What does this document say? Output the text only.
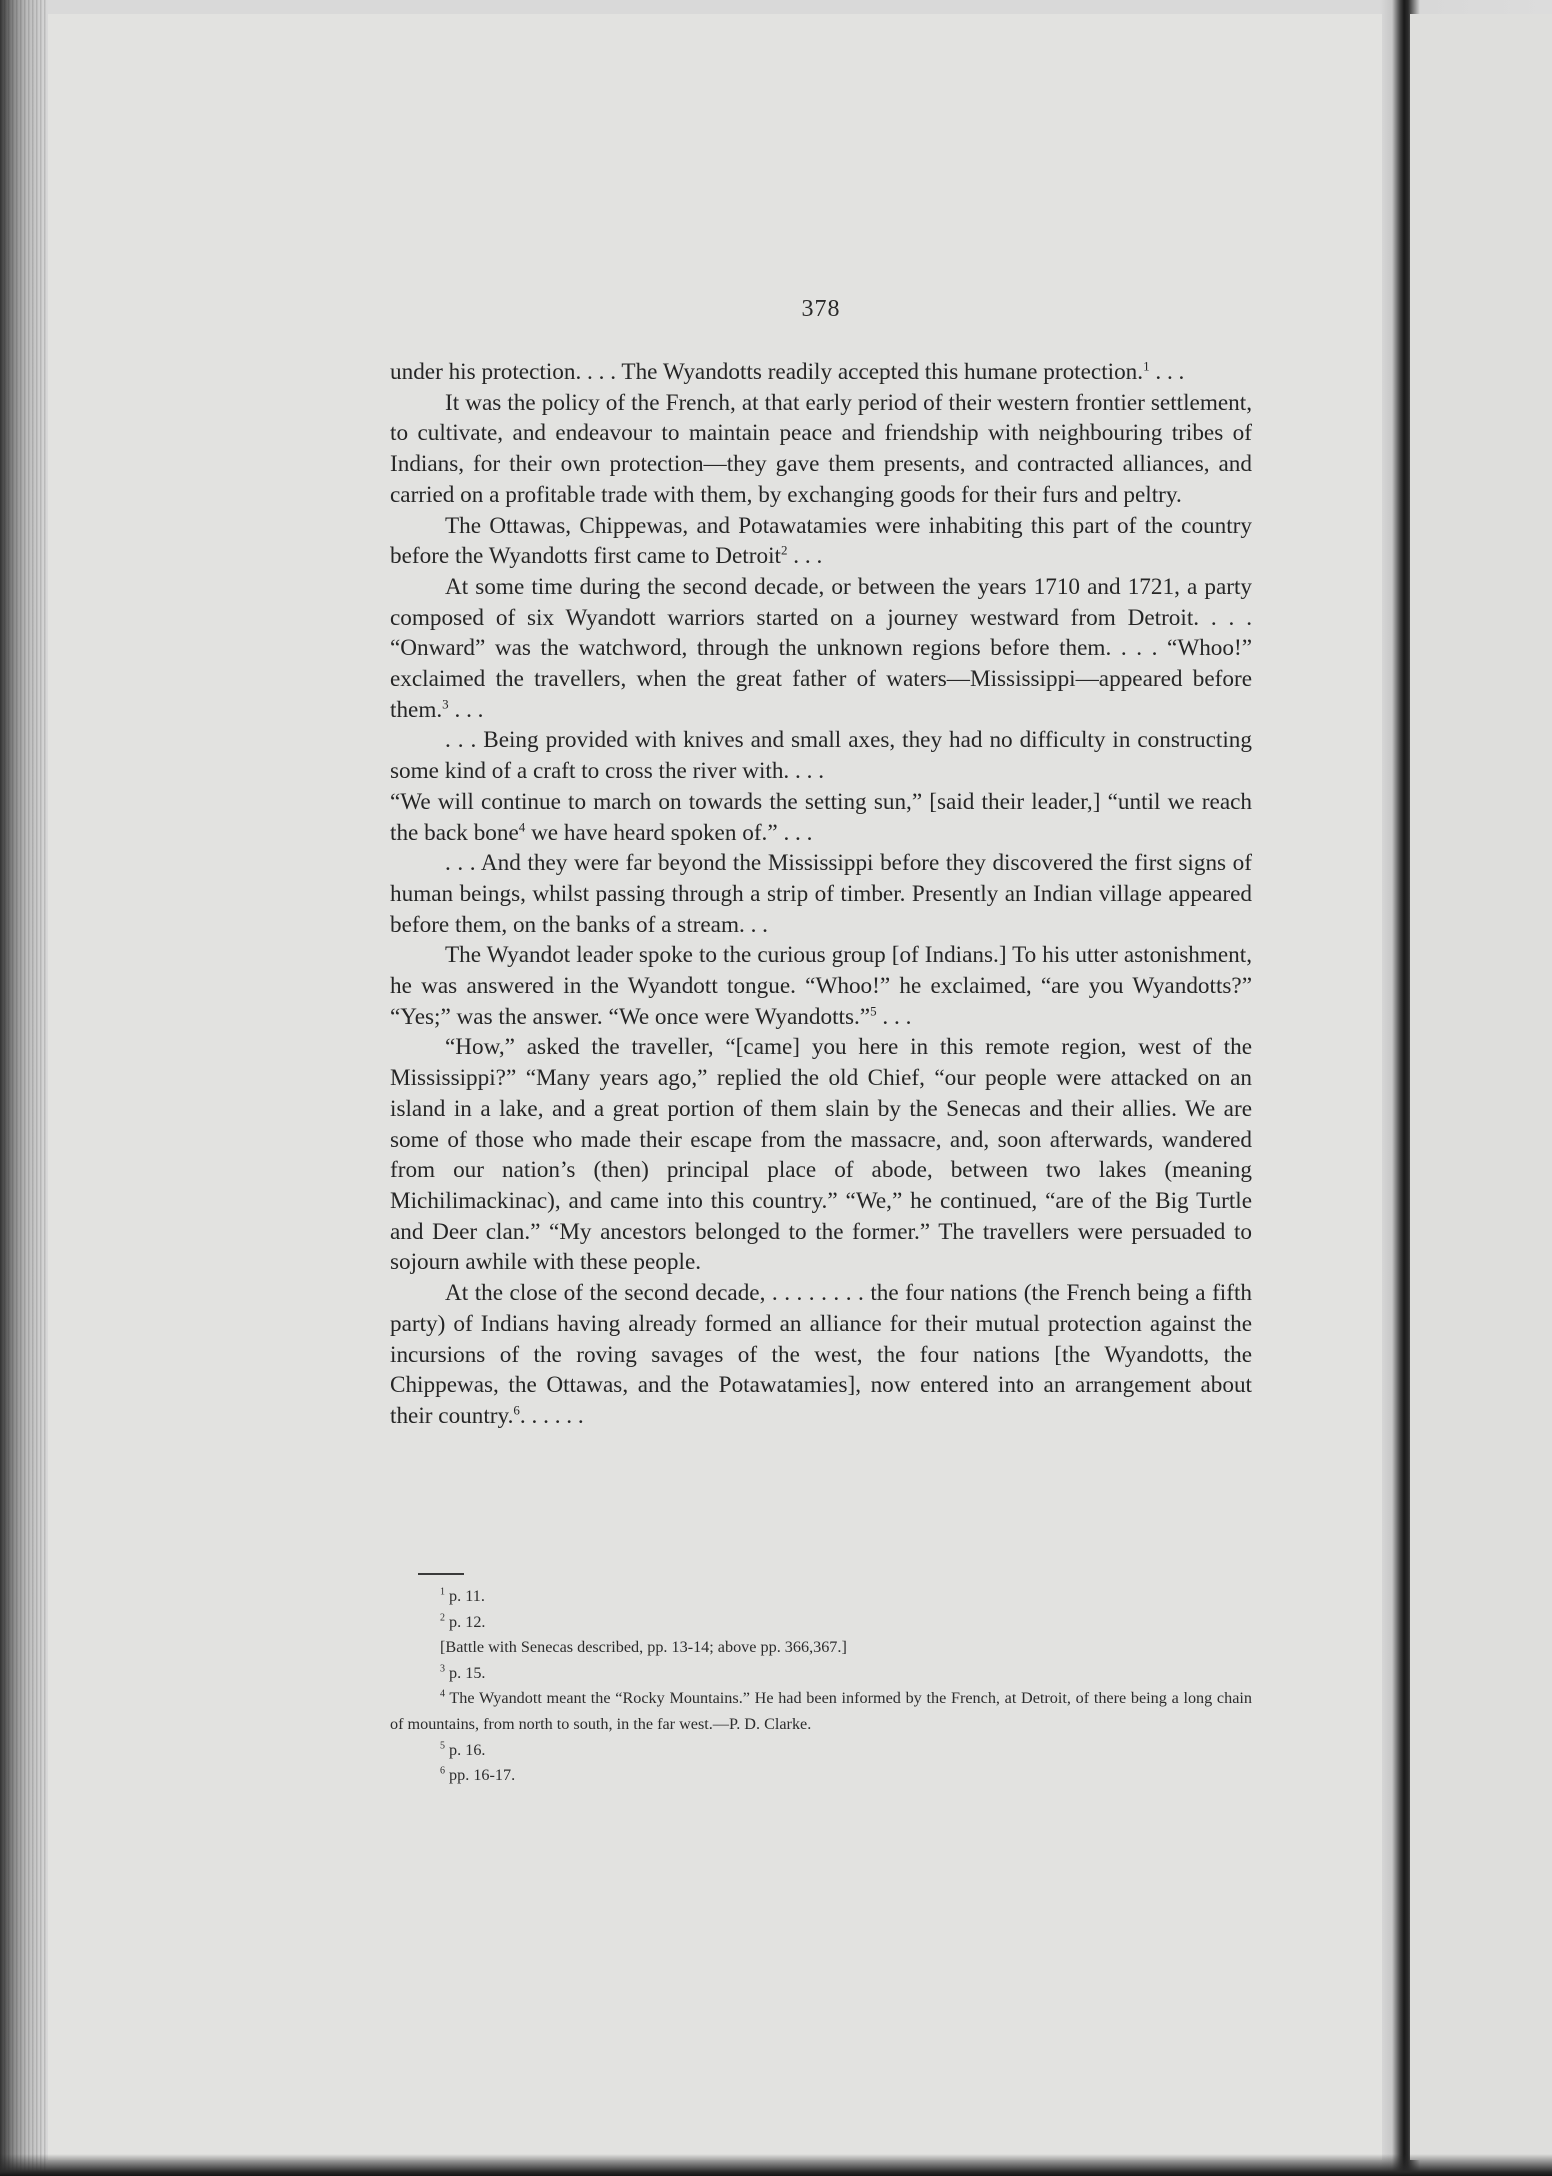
378

under his protection. . . . The Wyandotts readily accepted this humane protection.$^1$ . . .

It was the policy of the French, at that early period of their western frontier settlement, to cultivate, and endeavour to maintain peace and friendship with neighbouring tribes of Indians, for their own protection—they gave them presents, and contracted alliances, and carried on a profitable trade with them, by exchanging goods for their furs and peltry.

The Ottawas, Chippewas, and Potawatamies were inhabiting this part of the country before the Wyandotts first came to Detroit$^2$ . . .

At some time during the second decade, or between the years 1710 and 1721, a party composed of six Wyandott warriors started on a journey westward from Detroit. . . . “Onward” was the watchword, through the unknown regions before them. . . . “Whoo!” exclaimed the travellers, when the great father of waters—Mississippi—appeared before them.$^3$ . . .

. . . Being provided with knives and small axes, they had no difficulty in constructing some kind of a craft to cross the river with. . . .

“We will continue to march on towards the setting sun,” [said their leader,] “until we reach the back bone$^4$ we have heard spoken of.” . . .

. . . And they were far beyond the Mississippi before they discovered the first signs of human beings, whilst passing through a strip of timber. Presently an Indian village appeared before them, on the banks of a stream. . .

The Wyandot leader spoke to the curious group [of Indians.] To his utter astonishment, he was answered in the Wyandott tongue. “Whoo!” he exclaimed, “are you Wyandotts?” “Yes;” was the answer. “We once were Wyandotts.”$^5$ . . .

“How,” asked the traveller, “[came] you here in this remote region, west of the Mississippi?” “Many years ago,” replied the old Chief, “our people were attacked on an island in a lake, and a great portion of them slain by the Senecas and their allies. We are some of those who made their escape from the massacre, and, soon afterwards, wandered from our nation’s (then) principal place of abode, between two lakes (meaning Michilimackinac), and came into this country.” “We,” he continued, “are of the Big Turtle and Deer clan.” “My ancestors belonged to the former.” The travellers were persuaded to sojourn awhile with these people.

At the close of the second decade, . . . . . . . . the four nations (the French being a fifth party) of Indians having already formed an alliance for their mutual protection against the incursions of the roving savages of the west, the four nations [the Wyandotts, the Chippewas, the Ottawas, and the Potawatamies], now entered into an arrangement about their country.$^6$. . . . . .

$^1$ p. 11.

$^2$ p. 12.

[Battle with Senecas described, pp. 13-14; above pp. 366,367.]

$^3$ p. 15.

$^4$ The Wyandott meant the “Rocky Mountains.” He had been informed by the French, at Detroit, of there being a long chain of mountains, from north to south, in the far west.—P. D. Clarke.

$^5$ p. 16.

$^6$ pp. 16-17.
